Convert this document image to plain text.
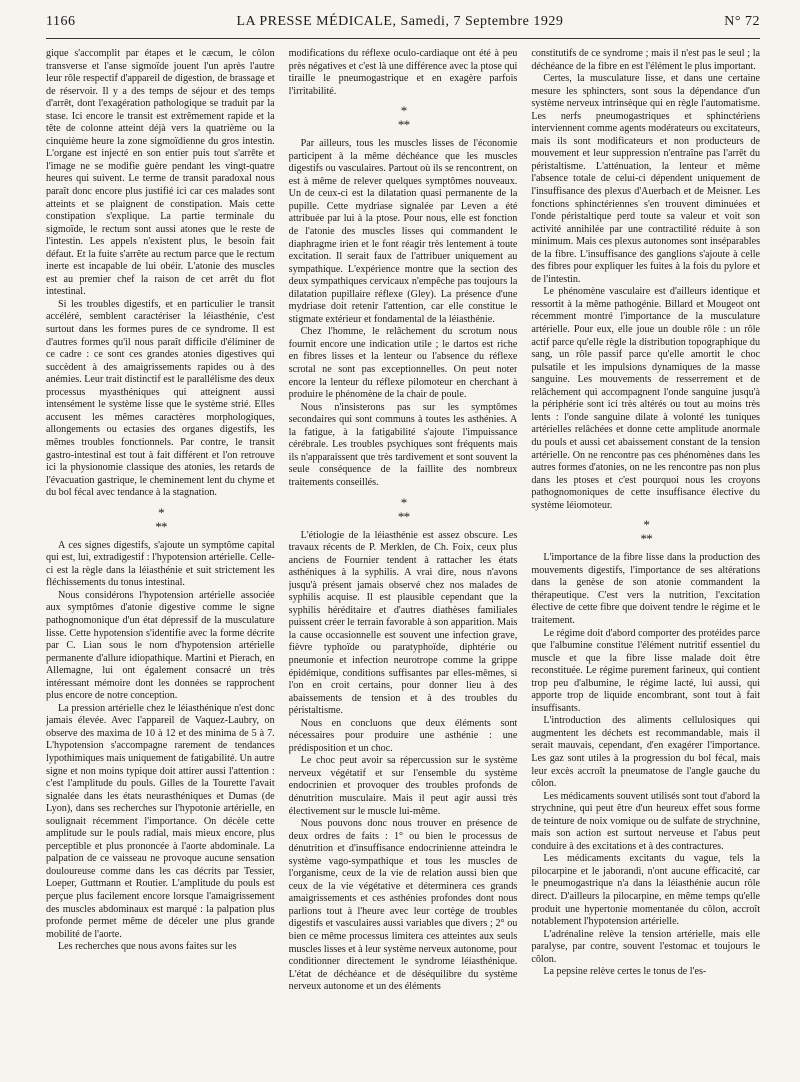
1166	LA PRESSE MÉDICALE, Samedi, 7 Septembre 1929	N° 72

gique s'accomplit par étapes et le cæcum, le côlon transverse et l'anse sigmoïde jouent l'un après l'autre leur rôle respectif d'appareil de digestion, de brassage et de réservoir. Il y a des temps de séjour et des temps d'arrêt, dont l'exagération pathologique se traduit par la stase. Ici encore le transit est extrêmement rapide et la tête de colonne atteint déjà vers la quatrième ou la cinquième heure la zone sigmoïdienne du gros intestin. L'organe est injecté en son entier puis tout s'arrête et l'image ne se modifie guère pendant les vingt-quatre heures qui suivent. Le terme de transit paradoxal nous paraît donc encore plus justifié ici car ces malades sont atteints et se plaignent de constipation. Mais cette constipation s'explique. La partie terminale du sigmoïde, le rectum sont aussi atones que le reste de l'intestin. Les appels n'existent plus, le besoin fait défaut. Et la fuite s'arrête au rectum parce que le rectum inerte est incapable de lui obéir. L'atonie des muscles est au premier chef la raison de cet arrêt du flot intestinal.

Si les troubles digestifs, et en particulier le transit accéléré, semblent caractériser la léiasthénie, c'est surtout dans les formes pures de ce syndrome. Il est d'autres formes qu'il nous paraît difficile d'éliminer de ce cadre : ce sont ces grandes atonies digestives qui succèdent à des amaigrissements rapides ou à des anémies. Leur trait distinctif est le parallélisme des deux processus myasthéniques qui atteignent aussi intensément le système lisse que le système strié. Elles accusent les mêmes caractères morphologiques, allongements ou ectasies des organes digestifs, les mêmes troubles fonctionnels. Par contre, le transit gastro-intestinal est tout à fait différent et l'on retrouve ici la physionomie classique des atonies, les retards de l'évacuation gastrique, le cheminement lent du chyme et du bol fécal avec tendance à la stagnation.

*
* *

A ces signes digestifs, s'ajoute un symptôme capital qui est, lui, extradigestif : l'hypotension artérielle. Celle-ci est la règle dans la léiasthénie et suit strictement les fléchissements du tonus intestinal.

Nous considérons l'hypotension artérielle associée aux symptômes d'atonie digestive comme le signe pathognomonique d'un état dépressif de la musculature lisse. Cette hypotension s'identifie avec la forme décrite par C. Lian sous le nom d'hypotension artérielle permanente d'allure idiopathique. Martini et Pierach, en Allemagne, lui ont également consacré un très intéressant mémoire dont les données se rapprochent plus encore de notre conception.

La pression artérielle chez le léiasthénique n'est donc jamais élevée. Avec l'appareil de Vaquez-Laubry, on observe des maxima de 10 à 12 et des minima de 5 à 7. L'hypotension s'accompagne rarement de tendances lypothimiques mais uniquement de fatigabilité. Un autre signe et non moins typique doit attirer aussi l'attention : c'est l'amplitude du pouls. Gilles de la Tourette l'avait signalée dans les états neurasthéniques et Dumas (de Lyon), dans ses recherches sur l'hypotonie artérielle, en soulignait récemment l'importance. On décèle cette amplitude sur le pouls radial, mais mieux encore, plus perceptible et plus prononcée à l'aorte abdominale. La palpation de ce vaisseau ne provoque aucune sensation douloureuse comme dans les cas décrits par Tessier, Loeper, Guttmann et Routier. L'amplitude du pouls est perçue plus facilement encore lorsque l'amaigrissement des muscles abdominaux est marqué : la palpation plus profonde permet même de déceler une plus grande mobilité de l'aorte.

Les recherches que nous avons faites sur les

modifications du réflexe oculo-cardiaque ont été à peu près négatives et c'est là une différence avec la ptose qui tiraille le pneumogastrique et en exagère parfois l'irritabilité.

*
* *

Par ailleurs, tous les muscles lisses de l'économie participent à la même déchéance que les muscles digestifs ou vasculaires. Partout où ils se rencontrent, on est à même de relever quelques symptômes nouveaux. Un de ceux-ci est la dilatation quasi permanente de la pupille. Cette mydriase signalée par Leven a été attribuée par lui à la ptose. Pour nous, elle est fonction de l'atonie des muscles lisses qui commandent le diaphragme irien et le font réagir très lentement à toute excitation. Il serait faux de l'attribuer uniquement au sympathique. L'expérience montre que la section des deux sympathiques cervicaux n'empêche pas toujours la dilatation pupillaire réflexe (Gley). La présence d'une mydriase doit retenir l'attention, car elle constitue le stigmate extérieur et fondamental de la léiasthénie.

Chez l'homme, le relâchement du scrotum nous fournit encore une indication utile ; le dartos est riche en fibres lisses et la lenteur ou l'absence du réflexe scrotal ne sont pas exceptionnelles. On peut noter encore la lenteur du réflexe pilomoteur en cherchant à produire le phénomène de la chair de poule.

Nous n'insisterons pas sur les symptômes secondaires qui sont communs à toutes les asthénies. A la fatigue, à la fatigabilité s'ajoute l'impuissance cérébrale. Les troubles psychiques sont fréquents mais ils n'apparaissent que très tardivement et sont souvent la seule conséquence de la faillite des nombreux traitements conseillés.

*
* *

L'étiologie de la léiasthénie est assez obscure. Les travaux récents de P. Merklen, de Ch. Foix, ceux plus anciens de Fournier tendent à rattacher les états asthéniques à la syphilis. A vrai dire, nous n'avons jusqu'à présent jamais observé chez nos malades de syphilis acquise. Il est plausible cependant que la syphilis héréditaire et d'autres diathèses familiales puissent créer le terrain favorable à son apparition. Mais la cause occasionnelle est souvent une infection grave, fièvre typhoïde ou paratyphoïde, diphtérie ou pneumonie et infection neurotrope comme la grippe épidémique, conditions suffisantes par elles-mêmes, si l'on en croit certains, pour donner lieu à des abaissements de tension et à des troubles du péristaltisme.

Nous en concluons que deux éléments sont nécessaires pour produire une asthénie : une prédisposition et un choc.

Le choc peut avoir sa répercussion sur le système nerveux végétatif et sur l'ensemble du système endocrinien et provoquer des troubles profonds de dénutrition musculaire. Mais il peut agir aussi très électivement sur le muscle lui-même.

Nous pouvons donc nous trouver en présence de deux ordres de faits : 1° ou bien le processus de dénutrition et d'insuffisance endocrinienne atteindra le système vago-sympathique et tous les muscles de l'organisme, ceux de la vie de relation aussi bien que ceux de la vie végétative et déterminera ces grands amaigrissements et ces asthénies profondes dont nous parlions tout à l'heure avec leur cortège de troubles digestifs et vasculaires aussi variables que divers ; 2° ou bien ce même processus limitera ces atteintes aux seuls muscles lisses et à leur système nerveux autonome, pour conditionner directement le syndrome léiasthénique. L'état de déchéance et de déséquilibre du système nerveux autonome et un des éléments

constitutifs de ce syndrome ; mais il n'est pas le seul ; la déchéance de la fibre en est l'élément le plus important.

Certes, la musculature lisse, et dans une certaine mesure les sphincters, sont sous la dépendance d'un système nerveux intrinsèque qui en règle l'automatisme. Les nerfs pneumogastriques et sphinctériens interviennent comme agents modérateurs ou excitateurs, mais ils sont modificateurs et non producteurs de mouvement et leur suppression n'entraîne pas l'arrêt du péristaltisme. L'atténuation, la lenteur et même l'absence totale de celui-ci dépendent uniquement de l'insuffisance des plexus d'Auerbach et de Meisner. Les fonctions sphinctériennes s'en trouvent diminuées et l'onde péristaltique perd toute sa valeur et voit son activité annihilée par une contractilité réduite à son minimum. Mais ces plexus autonomes sont inséparables de la fibre. L'insuffisance des ganglions s'ajoute à celle des fibres pour expliquer les fuites à la fois du pylore et de l'intestin.

Le phénomène vasculaire est d'ailleurs identique et ressortit à la même pathogénie. Billard et Mougeot ont récemment montré l'importance de la musculature artérielle. Pour eux, elle joue un double rôle : un rôle actif parce qu'elle règle la distribution topographique du sang, un rôle passif parce qu'elle amortit le choc pulsatile et les impulsions dynamiques de la masse sanguine. Les mouvements de resserrement et de relâchement qui accompagnent l'onde sanguine jusqu'à la périphérie sont ici très altérés ou tout au moins très lents : l'onde sanguine dilate à volonté les tuniques artérielles relâchées et donne cette amplitude anormale du pouls et aussi cet abaissement constant de la tension artérielle. On ne rencontre pas ces phénomènes dans les autres formes d'atonies, on ne les rencontre pas non plus dans les ptoses et c'est pourquoi nous les croyons pathognomoniques de cette insuffisance élective du système léiomoteur.

*
* *

L'importance de la fibre lisse dans la production des mouvements digestifs, l'importance de ses altérations dans la genèse de son atonie commandent la thérapeutique. C'est vers la nutrition, l'excitation élective de cette fibre que doivent tendre le régime et le traitement.

Le régime doit d'abord comporter des protéides parce que l'albumine constitue l'élément nutritif essentiel du muscle et que la fibre lisse malade doit être reconstituée. Le régime purement farineux, qui contient trop peu d'albumine, le régime lacté, lui aussi, qui apporte trop de liquide encombrant, sont tout à fait insuffisants.

L'introduction des aliments cellulosiques qui augmentent les déchets est recommandable, mais il serait mauvais, cependant, d'en exagérer l'importance. Les gaz sont utiles à la progression du bol fécal, mais leur excès accroît la pneumatose de l'angle gauche du côlon.

Les médicaments souvent utilisés sont tout d'abord la strychnine, qui peut être d'un heureux effet sous forme de teinture de noix vomique ou de sulfate de strychnine, mais son action est surtout nerveuse et l'abus peut conduire à des excitations et à des contractures.

Les médicaments excitants du vague, tels la pilocarpine et le jaborandi, n'ont aucune efficacité, car le pneumogastrique n'a dans la léiasthénie aucun rôle direct. D'ailleurs la pilocarpine, en même temps qu'elle produit une hypertonie momentanée du côlon, accroît notablement l'hypotension artérielle.

L'adrénaline relève la tension artérielle, mais elle paralyse, par contre, souvent l'estomac et toujours le côlon.

La pepsine relève certes le tonus de l'es-
